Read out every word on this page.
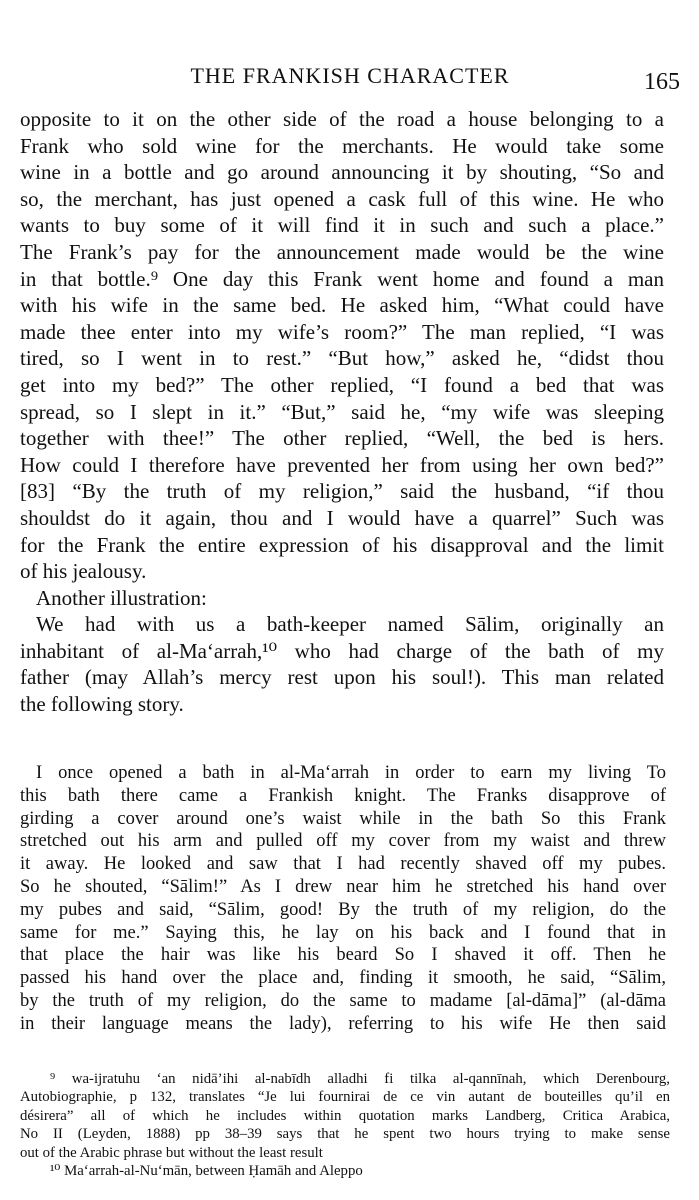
THE FRANKISH CHARACTER	165
opposite to it on the other side of the road a house belonging to a
Frank who sold wine for the merchants. He would take some
wine in a bottle and go around announcing it by shouting, “So and
so, the merchant, has just opened a cask full of this wine. He who
wants to buy some of it will find it in such and such a place.”
The Frank’s pay for the announcement made would be the wine
in that bottle.⁹ One day this Frank went home and found a man
with his wife in the same bed. He asked him, “What could have
made thee enter into my wife’s room?” The man replied, “I was
tired, so I went in to rest.” “But how,” asked he, “didst thou
get into my bed?” The other replied, “I found a bed that was
spread, so I slept in it.” “But,” said he, “my wife was sleeping
together with thee!” The other replied, “Well, the bed is hers.
How could I therefore have prevented her from using her own bed?”
[83] “By the truth of my religion,” said the husband, “if thou
shouldst do it again, thou and I would have a quarrel” Such was
for the Frank the entire expression of his disapproval and the limit
of his jealousy.
Another illustration:
We had with us a bath-keeper named Sālim, originally an
inhabitant of al-Ma‘arrah,¹⁰ who had charge of the bath of my
father (may Allah’s mercy rest upon his soul!). This man related
the following story.
I once opened a bath in al-Ma‘arrah in order to earn my living To
this bath there came a Frankish knight. The Franks disapprove of
girding a cover around one’s waist while in the bath So this Frank
stretched out his arm and pulled off my cover from my waist and threw
it away. He looked and saw that I had recently shaved off my pubes.
So he shouted, “Sālim!” As I drew near him he stretched his hand over
my pubes and said, “Sālim, good! By the truth of my religion, do the
same for me.” Saying this, he lay on his back and I found that in
that place the hair was like his beard So I shaved it off. Then he
passed his hand over the place and, finding it smooth, he said, “Sālim,
by the truth of my religion, do the same to madame [al-dāma]” (al-dāma
in their language means the lady), referring to his wife He then said
⁹ wa-ijratuhu ‘an nidā’ihi al-nabīdh alladhi fi tilka al-qannīnah, which Derenbourg,
Autobiographie, p 132, translates “Je lui fournirai de ce vin autant de bouteilles qu’il en
désirera” all of which he includes within quotation marks Landberg, Critica Arabica,
No II (Leyden, 1888) pp 38–39 says that he spent two hours trying to make sense
out of the Arabic phrase but without the least result
¹⁰ Ma‘arrah-al-Nu‘mān, between Ḥamāh and Aleppo
